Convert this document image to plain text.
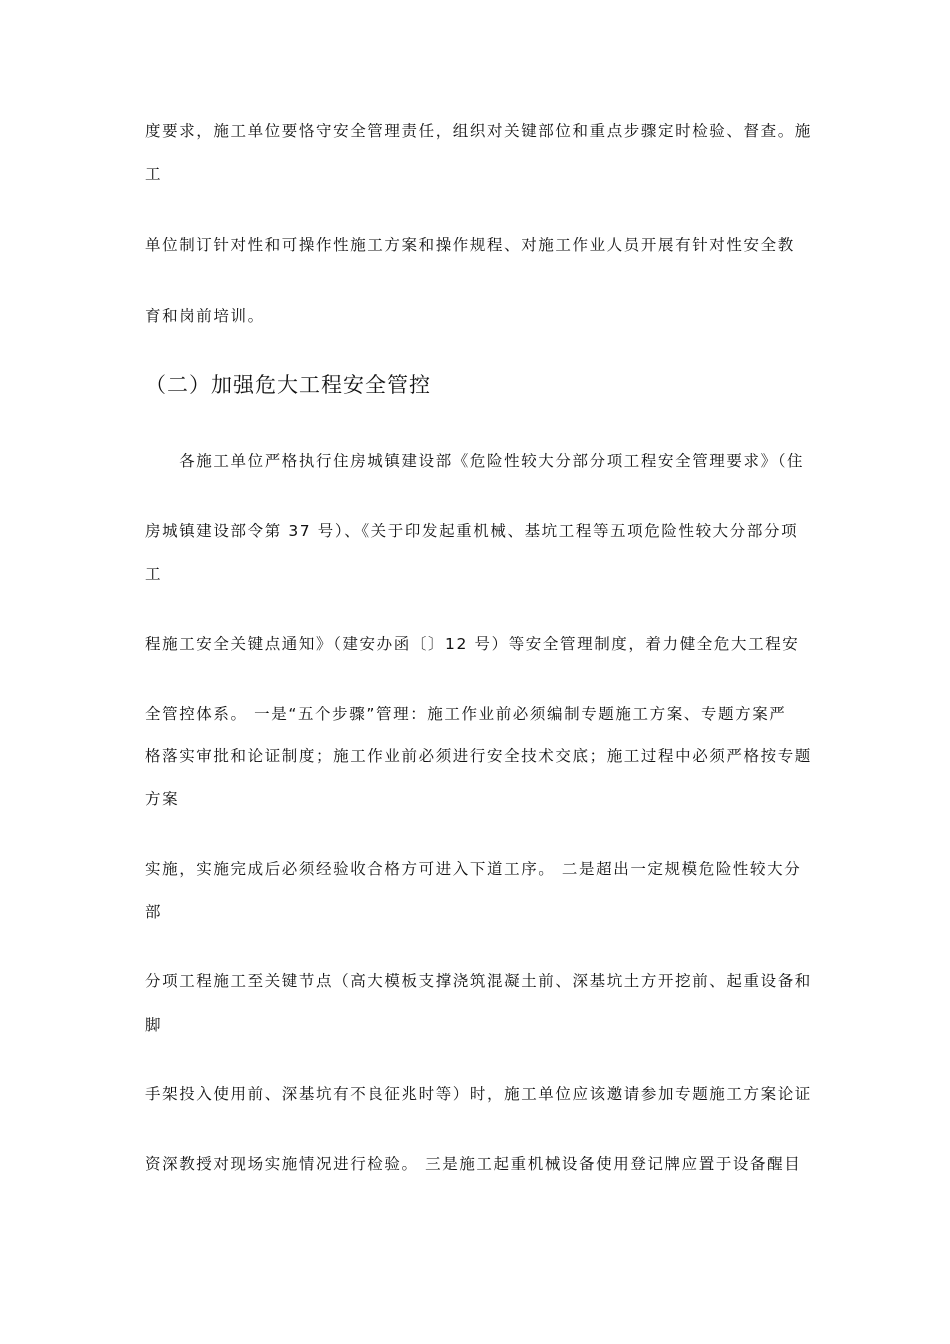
度要求，施工单位要恪守安全管理责任，组织对关键部位和重点步骤定时检验、督查。施
工
单位制订针对性和可操作性施工方案和操作规程、对施工作业人员开展有针对性安全教
育和岗前培训。
（二）加强危大工程安全管控
　　各施工单位严格执行住房城镇建设部《危险性较大分部分项工程安全管理要求》（住
房城镇建设部令第 37 号）、《关于印发起重机械、基坑工程等五项危险性较大分部分项
工
程施工安全关键点通知》（建安办函〔〕12 号）等安全管理制度，着力健全危大工程安
全管控体系。 一是“五个步骤”管理：施工作业前必须编制专题施工方案、专题方案严
格落实审批和论证制度；施工作业前必须进行安全技术交底；施工过程中必须严格按专题
方案
实施，实施完成后必须经验收合格方可进入下道工序。 二是超出一定规模危险性较大分
部
分项工程施工至关键节点（高大模板支撑浇筑混凝土前、深基坑土方开挖前、起重设备和
脚
手架投入使用前、深基坑有不良征兆时等）时，施工单位应该邀请参加专题施工方案论证
资深教授对现场实施情况进行检验。 三是施工起重机械设备使用登记牌应置于设备醒目
